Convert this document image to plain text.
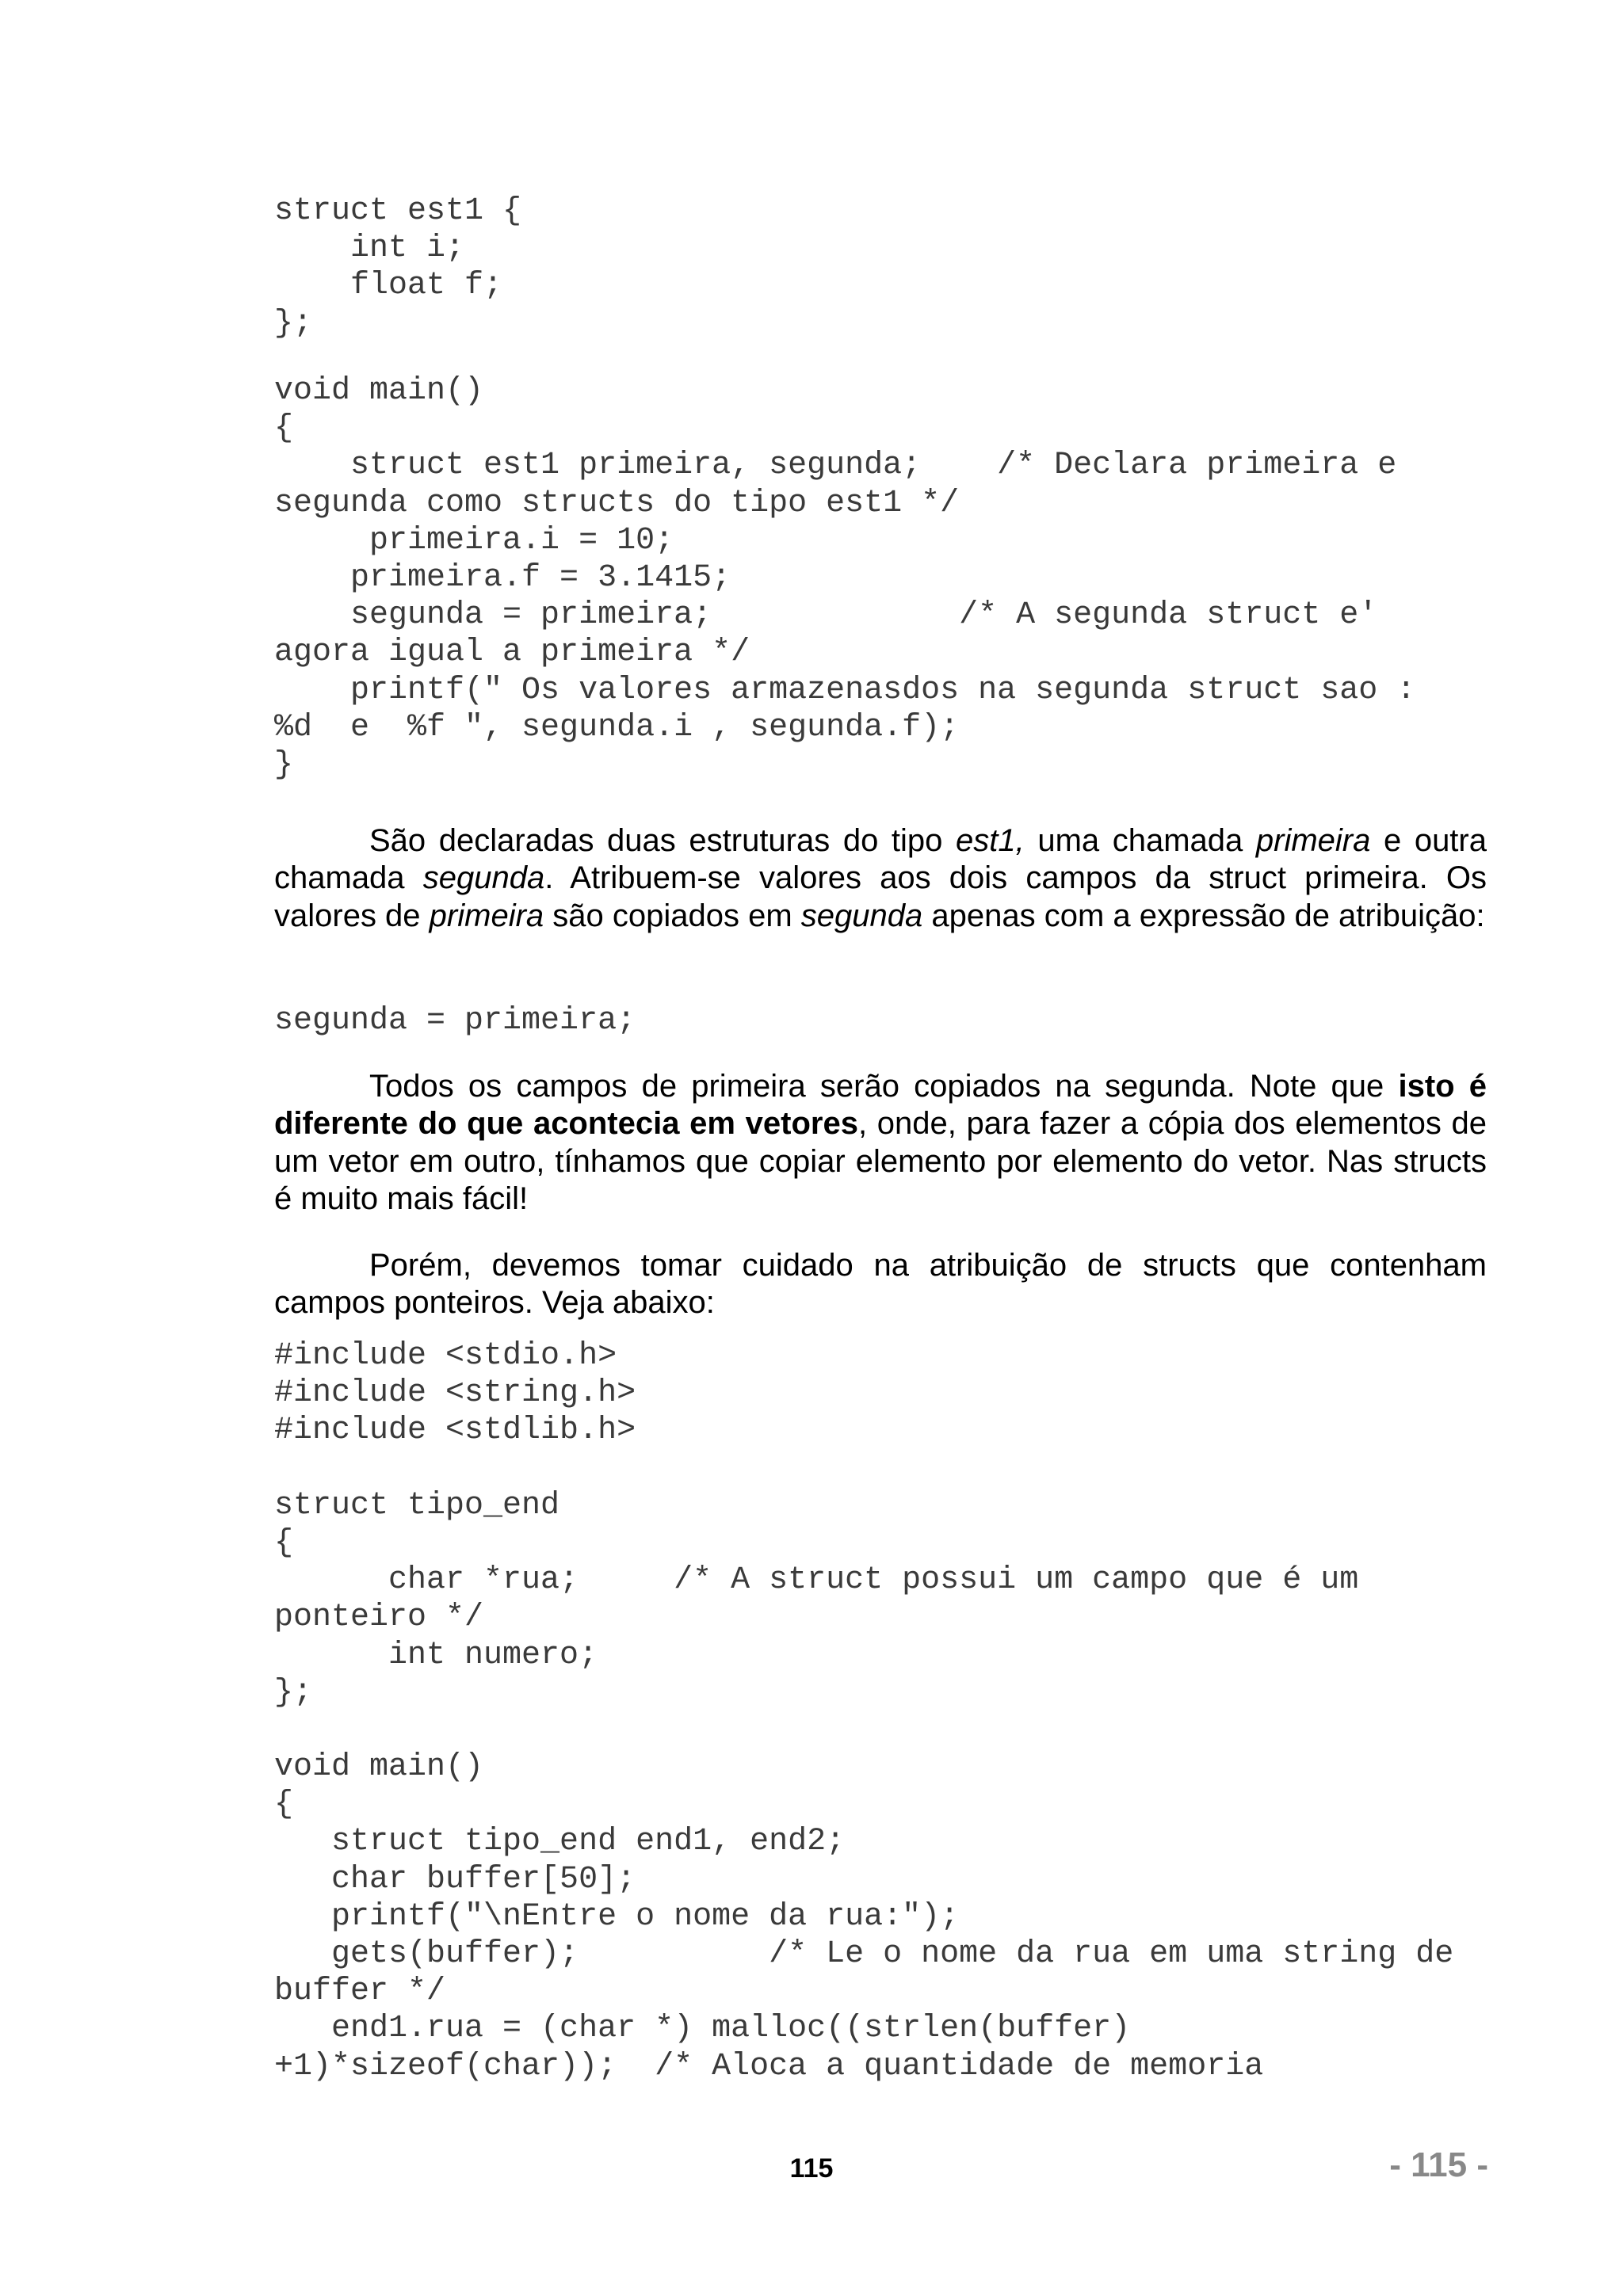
struct est1 {
int i;
float f;
};
void main()
{
struct est1 primeira, segunda;    /* Declara primeira e
segunda como structs do tipo est1 */
primeira.i = 10;
primeira.f = 3.1415;
segunda = primeira;             /* A segunda struct e'
agora igual a primeira */
printf(" Os valores armazenasdos na segunda struct sao :
%d  e  %f ", segunda.i , segunda.f);
}

São declaradas duas estruturas do tipo est1, uma chamada primeira e outra chamada segunda. Atribuem-se valores aos dois campos da struct primeira. Os valores de primeira são copiados em segunda apenas com a expressão de atribuição:

segunda = primeira;

Todos os campos de primeira serão copiados na segunda. Note que isto é diferente do que acontecia em vetores, onde, para fazer a cópia dos elementos de um vetor em outro, tínhamos que copiar elemento por elemento do vetor. Nas structs é muito mais fácil!

Porém, devemos tomar cuidado na atribuição de structs que contenham campos ponteiros. Veja abaixo:

#include <stdio.h>
#include <string.h>
#include <stdlib.h>
struct tipo_end
{
char *rua;     /* A struct possui um campo que é um
ponteiro */
int numero;
};
void main()
{
struct tipo_end end1, end2;
char buffer[50];
printf("\nEntre o nome da rua:");
gets(buffer);          /* Le o nome da rua em uma string de
buffer */
end1.rua = (char *) malloc((strlen(buffer)
+1)*sizeof(char));  /* Aloca a quantidade de memoria
115	- 115 -
